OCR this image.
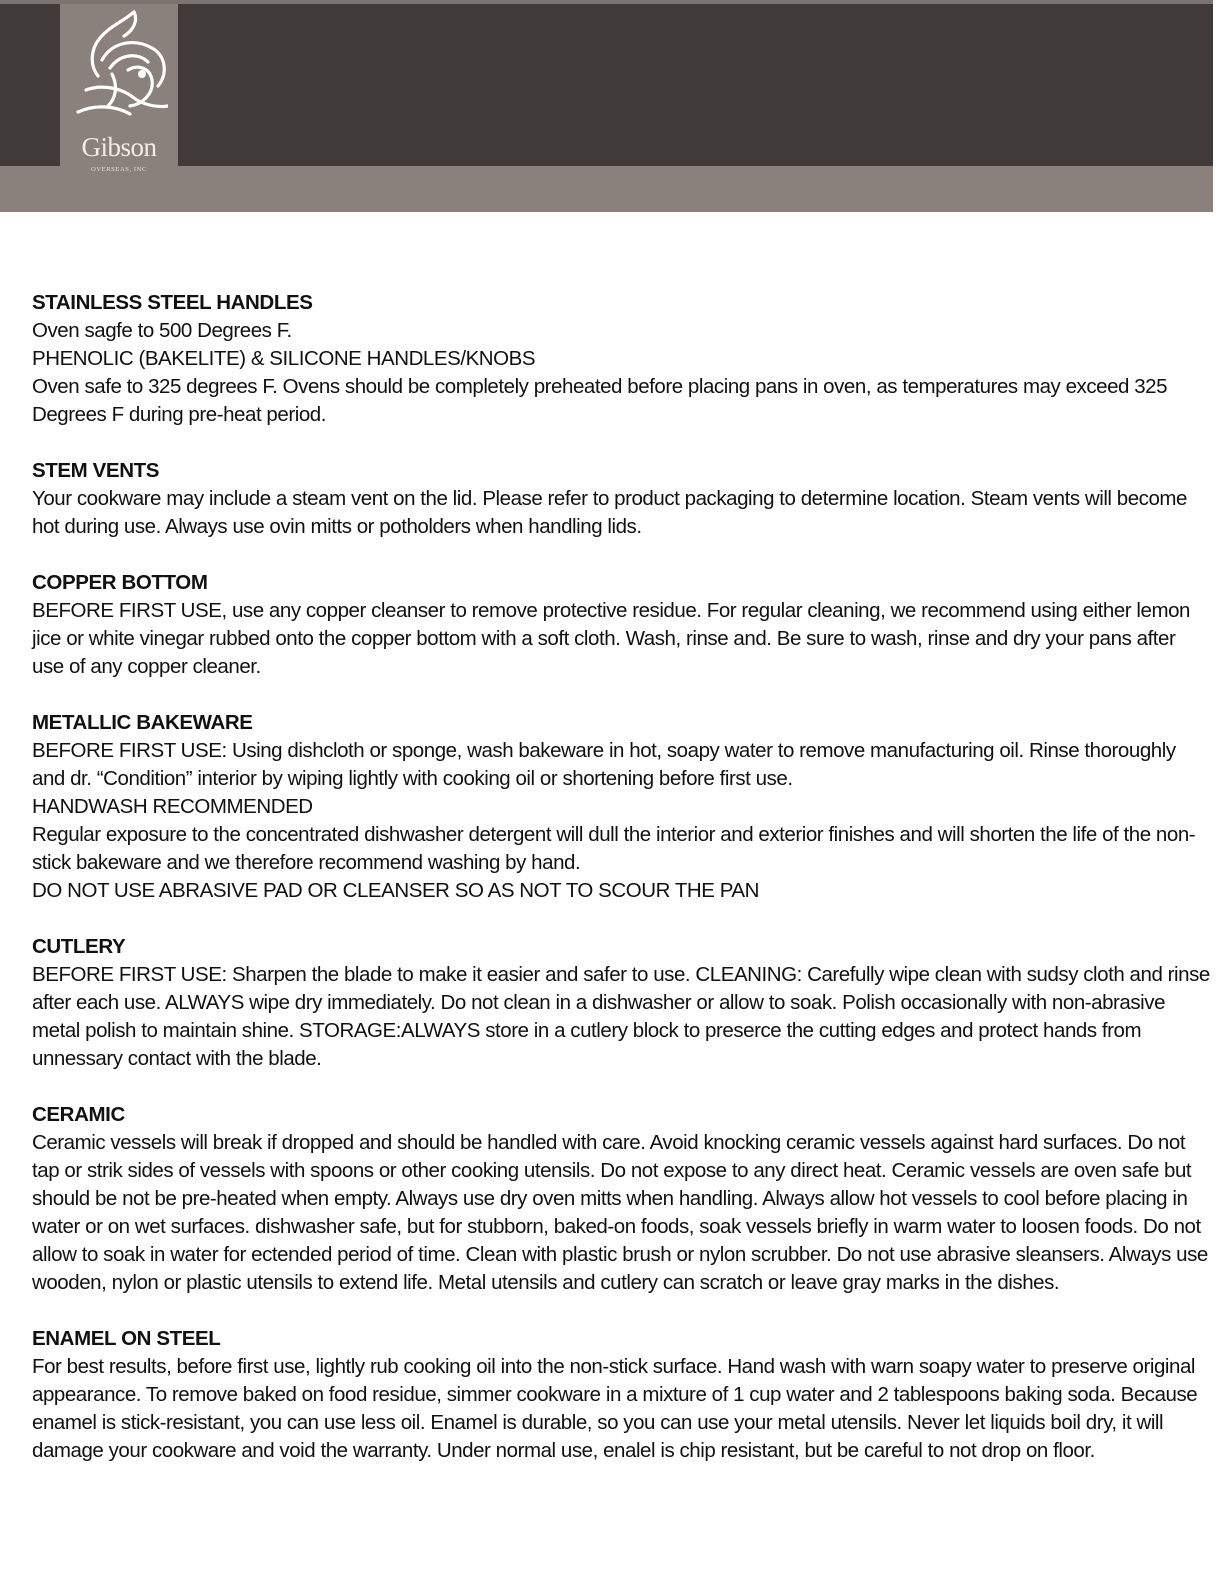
Gibson
OVERSEAS, INC
STAINLESS STEEL HANDLES

Oven sagfe to 500 Degrees F.

PHENOLIC (BAKELITE) & SILICONE HANDLES/KNOBS

Oven safe to 325 degrees F. Ovens should be completely preheated before placing pans in oven, as temperatures may exceed 325 Degrees F during pre-heat period.

STEM VENTS

Your cookware may include a steam vent on the lid. Please refer to product packaging to determine location. Steam vents will become hot during use. Always use ovin mitts or potholders when handling lids.

COPPER BOTTOM

BEFORE FIRST USE, use any copper cleanser to remove protective residue. For regular cleaning, we recommend using either lemon jice or white vinegar rubbed onto the copper bottom with a soft cloth. Wash, rinse and. Be sure to wash, rinse and dry your pans after use of any copper cleaner.

METALLIC BAKEWARE

BEFORE FIRST USE: Using dishcloth or sponge, wash bakeware in hot, soapy water to remove manufacturing oil. Rinse thoroughly and dr. “Condition” interior by wiping lightly with cooking oil or shortening before first use.

HANDWASH RECOMMENDED

Regular exposure to the concentrated dishwasher detergent will dull the interior and exterior finishes and will shorten the life of the non-stick bakeware and we therefore recommend washing by hand.

DO NOT USE ABRASIVE PAD OR CLEANSER SO AS NOT TO SCOUR THE PAN

CUTLERY

BEFORE FIRST USE: Sharpen the blade to make it easier and safer to use. CLEANING: Carefully wipe clean with sudsy cloth and rinse after each use. ALWAYS wipe dry immediately. Do not clean in a dishwasher or allow to soak. Polish occasionally with non-abrasive metal polish to maintain shine. STORAGE:ALWAYS store in a cutlery block to preserce the cutting edges and protect hands from unnessary contact with the blade.

CERAMIC

Ceramic vessels will break if dropped and should be handled with care. Avoid knocking ceramic vessels against hard surfaces. Do not tap or strik sides of vessels with spoons or other cooking utensils. Do not expose to any direct heat. Ceramic vessels are oven safe but should be not be pre-heated when empty. Always use dry oven mitts when handling. Always allow hot vessels to cool before placing in water or on wet surfaces. dishwasher safe, but for stubborn, baked-on foods, soak vessels briefly in warm water to loosen foods. Do not allow to soak in water for ectended period of time. Clean with plastic brush or nylon scrubber. Do not use abrasive sleansers. Always use wooden, nylon or plastic utensils to extend life. Metal utensils and cutlery can scratch or leave gray marks in the dishes.

ENAMEL ON STEEL

For best results, before first use, lightly rub cooking oil into the non-stick surface. Hand wash with warn soapy water to preserve original appearance. To remove baked on food residue, simmer cookware in a mixture of 1 cup water and 2 tablespoons baking soda. Because enamel is stick-resistant, you can use less oil. Enamel is durable, so you can use your metal utensils. Never let liquids boil dry, it will damage your cookware and void the warranty. Under normal use, enalel is chip resistant, but be careful to not drop on floor.
